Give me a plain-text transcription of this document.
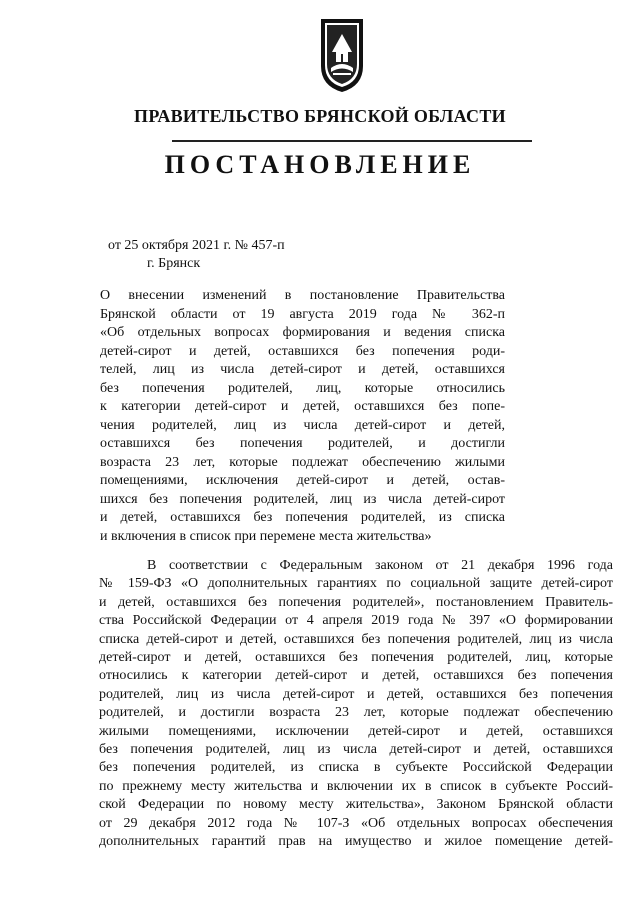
ПРАВИТЕЛЬСТВО БРЯНСКОЙ ОБЛАСТИ
ПОСТАНОВЛЕНИЕ
от 25 октября 2021 г. № 457-п
г. Брянск
О внесении изменений в постановление Правительства
Брянской области от 19 августа 2019 года № 362-п
«Об отдельных вопросах формирования и ведения списка
детей-сирот и детей, оставшихся без попечения роди-
телей, лиц из числа детей-сирот и детей, оставшихся
без попечения родителей, лиц, которые относились
к категории детей-сирот и детей, оставшихся без попе-
чения родителей, лиц из числа детей-сирот и детей,
оставшихся без попечения родителей, и достигли
возраста 23 лет, которые подлежат обеспечению жилыми
помещениями, исключения детей-сирот и детей, остав-
шихся без попечения родителей, лиц из числа детей-сирот
и детей, оставшихся без попечения родителей, из списка
и включения в список при перемене места жительства»
В соответствии с Федеральным законом от 21 декабря 1996 года
№ 159-ФЗ «О дополнительных гарантиях по социальной защите детей-сирот
и детей, оставшихся без попечения родителей», постановлением Правитель-
ства Российской Федерации от 4 апреля 2019 года № 397 «О формировании
списка детей-сирот и детей, оставшихся без попечения родителей, лиц из числа
детей-сирот и детей, оставшихся без попечения родителей, лиц, которые
относились к категории детей-сирот и детей, оставшихся без попечения
родителей, лиц из числа детей-сирот и детей, оставшихся без попечения
родителей, и достигли возраста 23 лет, которые подлежат обеспечению
жилыми помещениями, исключении детей-сирот и детей, оставшихся
без попечения родителей, лиц из числа детей-сирот и детей, оставшихся
без попечения родителей, из списка в субъекте Российской Федерации
по прежнему месту жительства и включении их в список в субъекте Россий-
ской Федерации по новому месту жительства», Законом Брянской области
от 29 декабря 2012 года № 107-З «Об отдельных вопросах обеспечения
дополнительных гарантий прав на имущество и жилое помещение детей-
